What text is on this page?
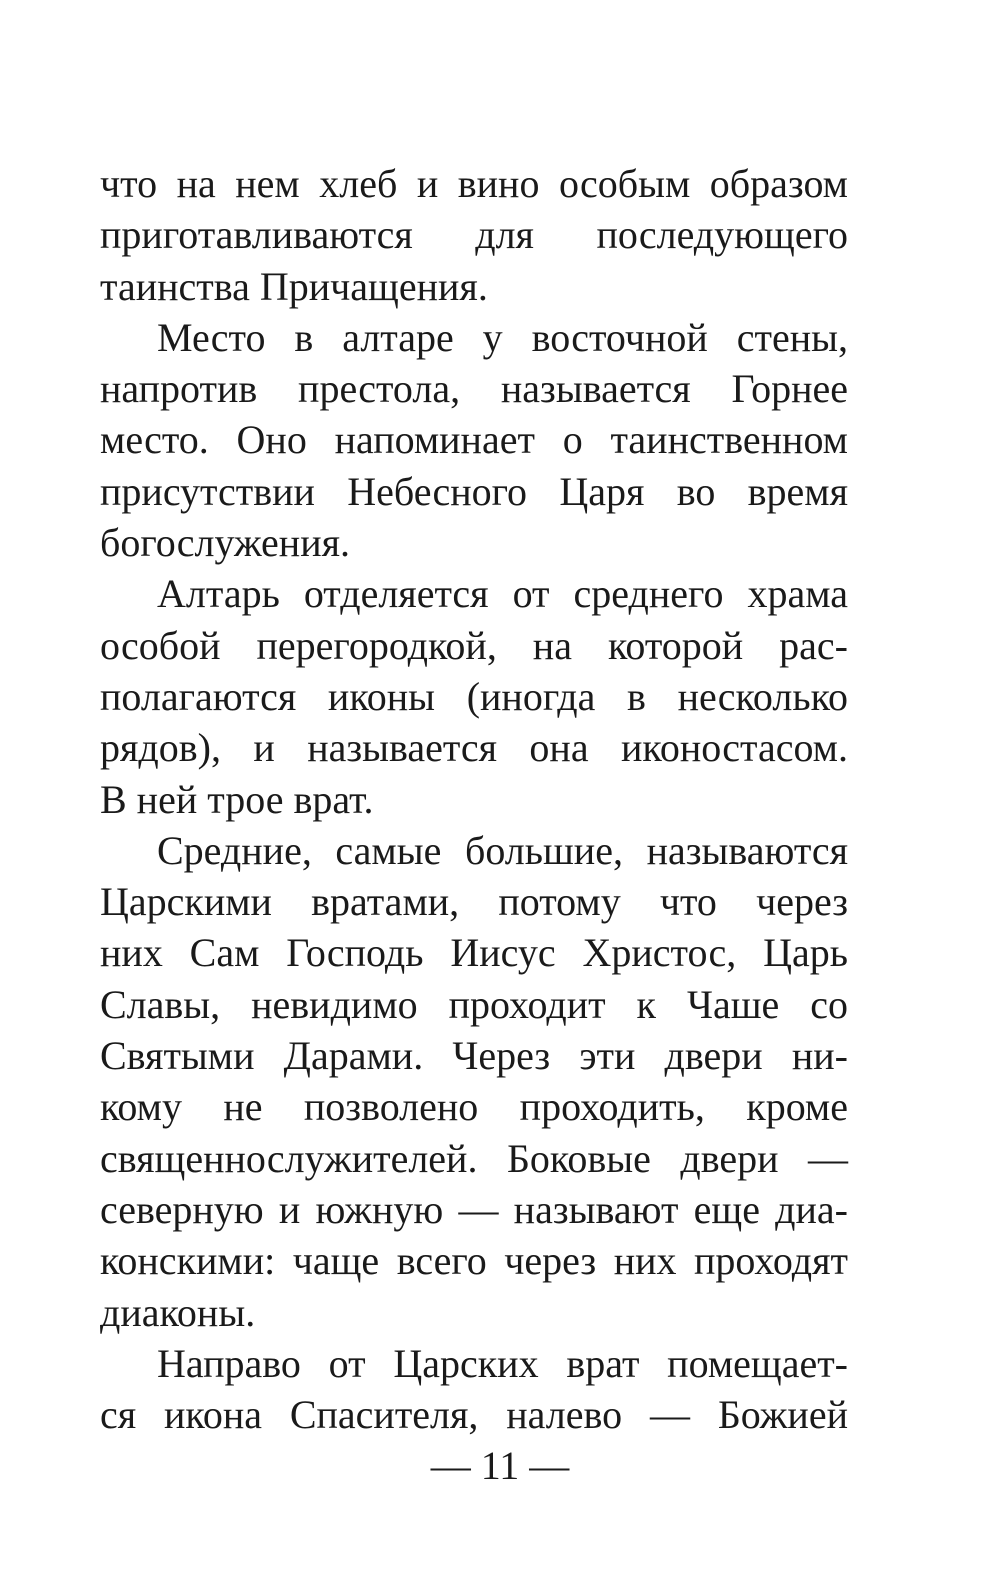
что на нем хлеб и вино особым образом
приготавливаются для последующего
таинства Причащения.
Место в алтаре у восточной стены,
напротив престола, называется Горнее
место. Оно напоминает о таинственном
присутствии Небесного Царя во время
богослужения.
Алтарь отделяется от среднего храма
особой перегородкой, на которой рас-
полагаются иконы (иногда в несколько
рядов), и называется она иконостасом.
В ней трое врат.
Средние, самые большие, называются
Царскими вратами, потому что через
них Сам Господь Иисус Христос, Царь
Славы, невидимо проходит к Чаше со
Святыми Дарами. Через эти двери ни-
кому не позволено проходить, кроме
священнослужителей. Боковые двери —
северную и южную — называют еще диа-
конскими: чаще всего через них проходят
диаконы.
Направо от Царских врат помещает-
ся икона Спасителя, налево — Божией
— 11 —
